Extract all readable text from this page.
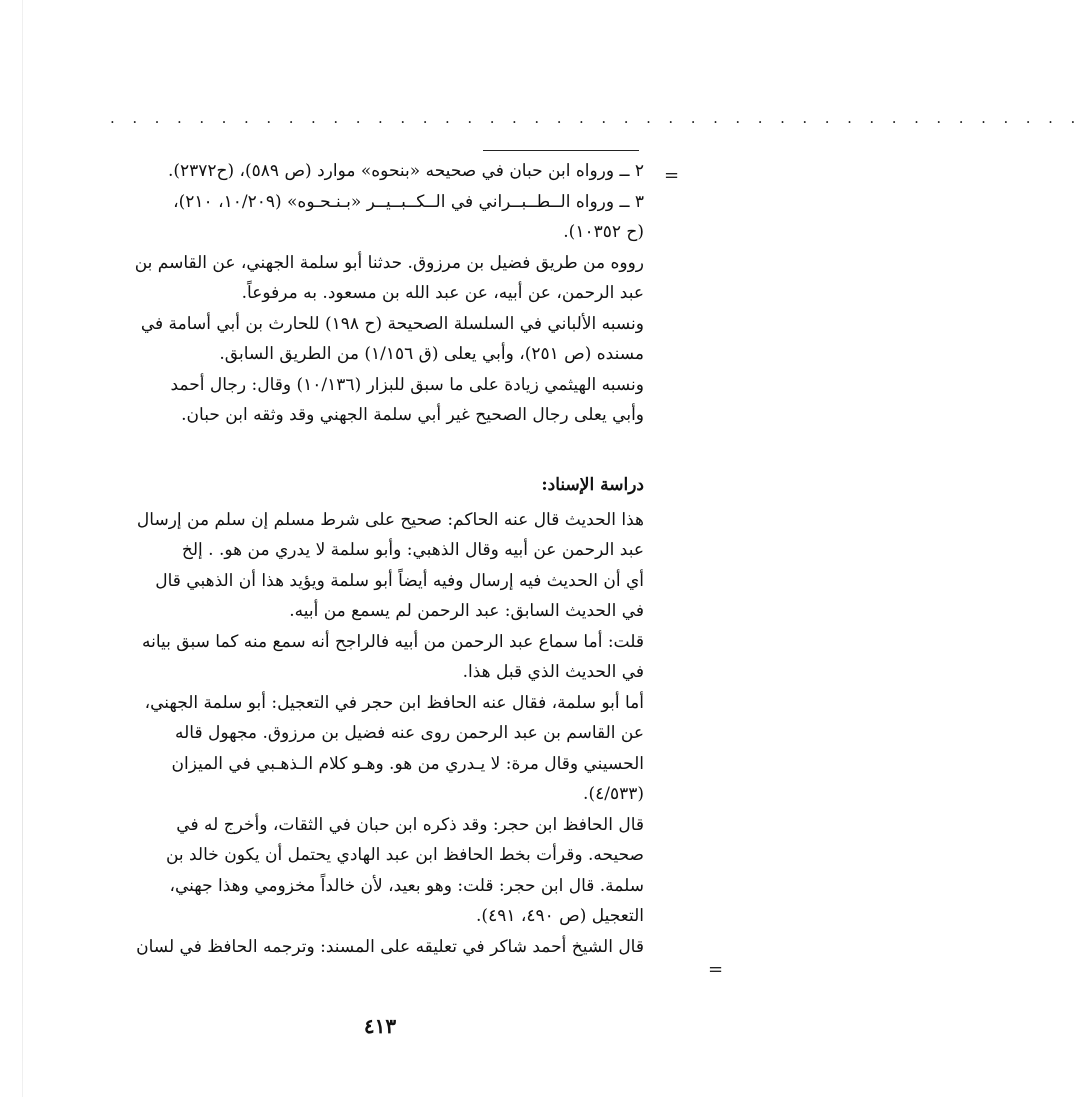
. . . . . . . . . . . . . . . . . . . . . . . . . . . . . . . . . . . . . . . . . . . .
=
٢ ــ ورواه ابن حبان في صحيحه «بنحوه» موارد (ص ٥٨٩)، (ح٢٣٧٢).
٣ ــ ورواه الــطــبــراني في الــكــبــيــر «بـنـحـوه» (١٠/٢٠٩، ٢١٠)،
(ح ١٠٣٥٢).
رووه من طريق فضيل بن مرزوق. حدثنا أبو سلمة الجهني، عن القاسم بن
عبد الرحمن، عن أبيه، عن عبد الله بن مسعود. به مرفوعاً.
ونسبه الألباني في السلسلة الصحيحة (ح ١٩٨) للحارث بن أبي أسامة في
مسنده (ص ٢٥١)، وأبي يعلى (ق ١/١٥٦) من الطريق السابق.
ونسبه الهيثمي زيادة على ما سبق للبزار (١٠/١٣٦) وقال: رجال أحمد
وأبي يعلى رجال الصحيح غير أبي سلمة الجهني وقد وثقه ابن حبان.
دراسة الإسناد:
هذا الحديث قال عنه الحاكم: صحيح على شرط مسلم إن سلم من إرسال
عبد الرحمن عن أبيه وقال الذهبي: وأبو سلمة لا يدري من هو. . إلخ
أي أن الحديث فيه إرسال وفيه أيضاً أبو سلمة ويؤيد هذا أن الذهبي قال
في الحديث السابق: عبد الرحمن لم يسمع من أبيه.
قلت: أما سماع عبد الرحمن من أبيه فالراجح أنه سمع منه كما سبق بيانه
في الحديث الذي قبل هذا.
أما أبو سلمة، فقال عنه الحافظ ابن حجر في التعجيل: أبو سلمة الجهني،
عن القاسم بن عبد الرحمن روى عنه فضيل بن مرزوق. مجهول قاله
الحسيني وقال مرة: لا يـدري من هو. وهـو كلام الـذهـبي في الميزان
(٤/٥٣٣).
قال الحافظ ابن حجر: وقد ذكره ابن حبان في الثقات، وأخرج له في
صحيحه. وقرأت بخط الحافظ ابن عبد الهادي يحتمل أن يكون خالد بن
سلمة. قال ابن حجر: قلت: وهو بعيد، لأن خالداً مخزومي وهذا جهني،
التعجيل (ص ٤٩٠، ٤٩١).
قال الشيخ أحمد شاكر في تعليقه على المسند: وترجمه الحافظ في لسان
=
٤١٣
